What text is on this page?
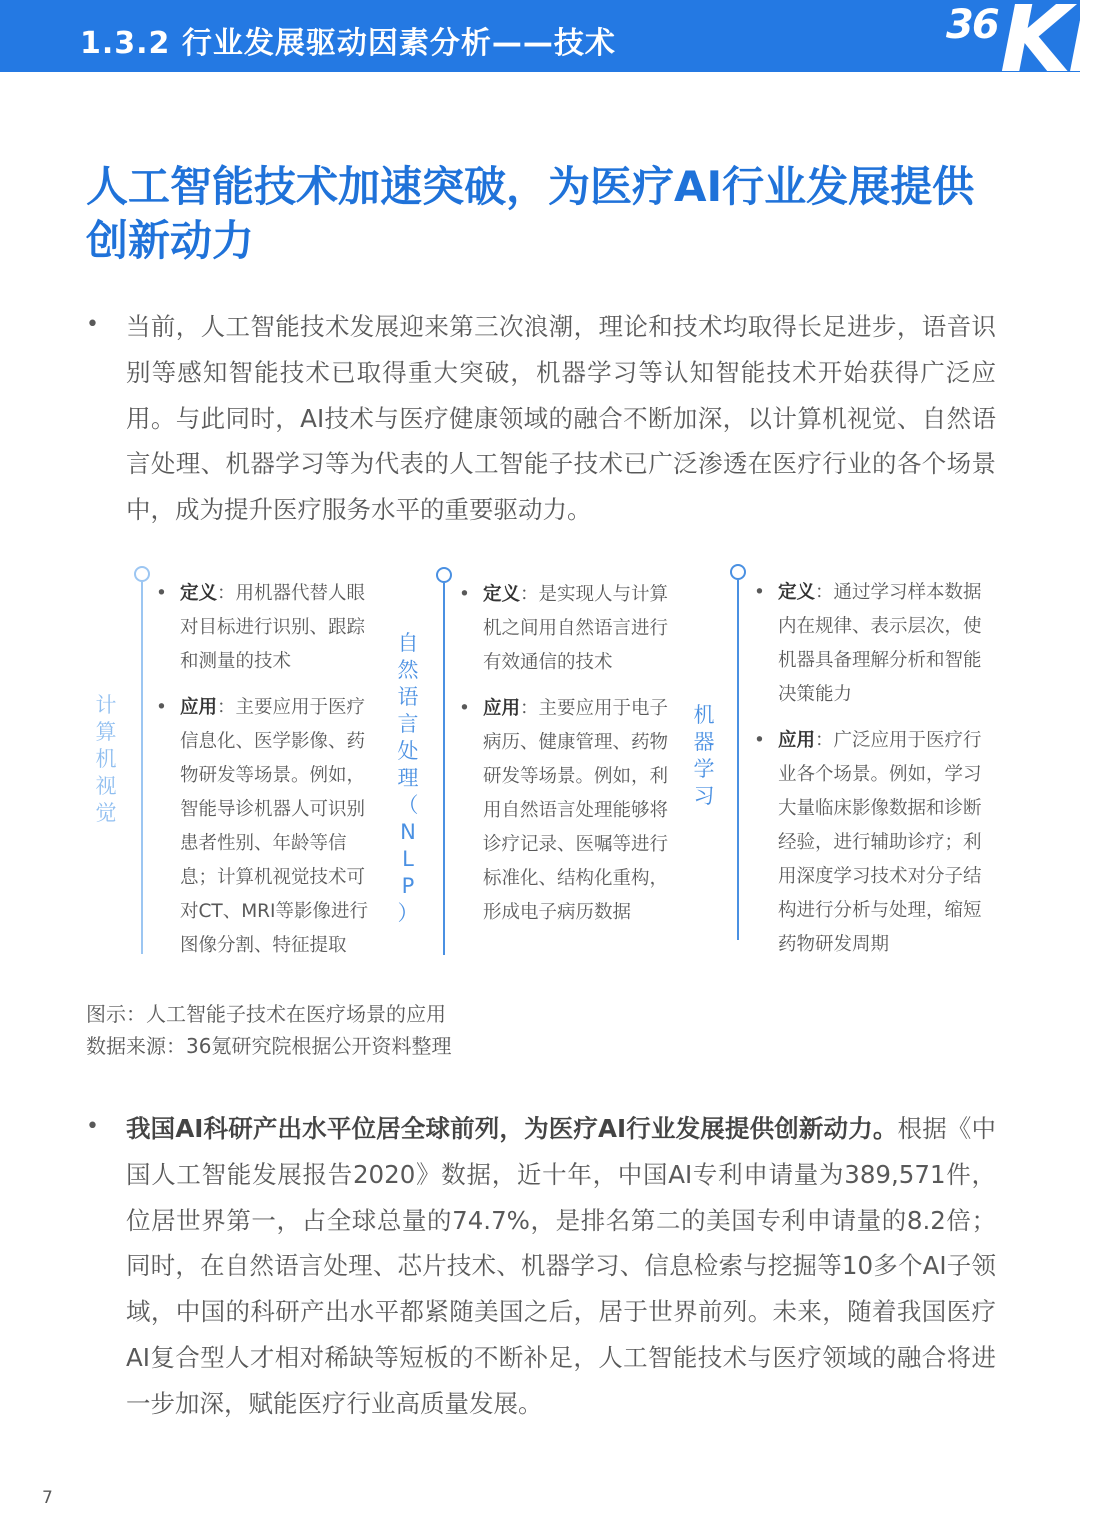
1.3.2 行业发展驱动因素分析——技术	36 Kr
人工智能技术加速突破，为医疗AI行业发展提供创新动力
• 当前，人工智能技术发展迎来第三次浪潮，理论和技术均取得长足进步，语音识别等感知智能技术已取得重大突破，机器学习等认知智能技术开始获得广泛应用。与此同时，AI技术与医疗健康领域的融合不断加深，以计算机视觉、自然语言处理、机器学习等为代表的人工智能子技术已广泛渗透在医疗行业的各个场景中，成为提升医疗服务水平的重要驱动力。
计
算
机
视
觉
• 定义：用机器代替人眼对目标进行识别、跟踪和测量的技术
• 应用：主要应用于医疗信息化、医学影像、药物研发等场景。例如，智能导诊机器人可识别患者性别、年龄等信息；计算机视觉技术可对CT、MRI等影像进行图像分割、特征提取
自
然
语
言
处
理
（
N
L
P
）
• 定义：是实现人与计算机之间用自然语言进行有效通信的技术
• 应用：主要应用于电子病历、健康管理、药物研发等场景。例如，利用自然语言处理能够将诊疗记录、医嘱等进行标准化、结构化重构，形成电子病历数据
机
器
学
习
• 定义：通过学习样本数据内在规律、表示层次，使机器具备理解分析和智能决策能力
• 应用：广泛应用于医疗行业各个场景。例如，学习大量临床影像数据和诊断经验，进行辅助诊疗；利用深度学习技术对分子结构进行分析与处理，缩短药物研发周期
图示：人工智能子技术在医疗场景的应用
数据来源：36氪研究院根据公开资料整理
• 我国AI科研产出水平位居全球前列，为医疗AI行业发展提供创新动力。根据《中国人工智能发展报告2020》数据，近十年，中国AI专利申请量为389,571件，位居世界第一，占全球总量的74.7%，是排名第二的美国专利申请量的8.2倍；同时，在自然语言处理、芯片技术、机器学习、信息检索与挖掘等10多个AI子领域，中国的科研产出水平都紧随美国之后，居于世界前列。未来，随着我国医疗AI复合型人才相对稀缺等短板的不断补足，人工智能技术与医疗领域的融合将进一步加深，赋能医疗行业高质量发展。
7
